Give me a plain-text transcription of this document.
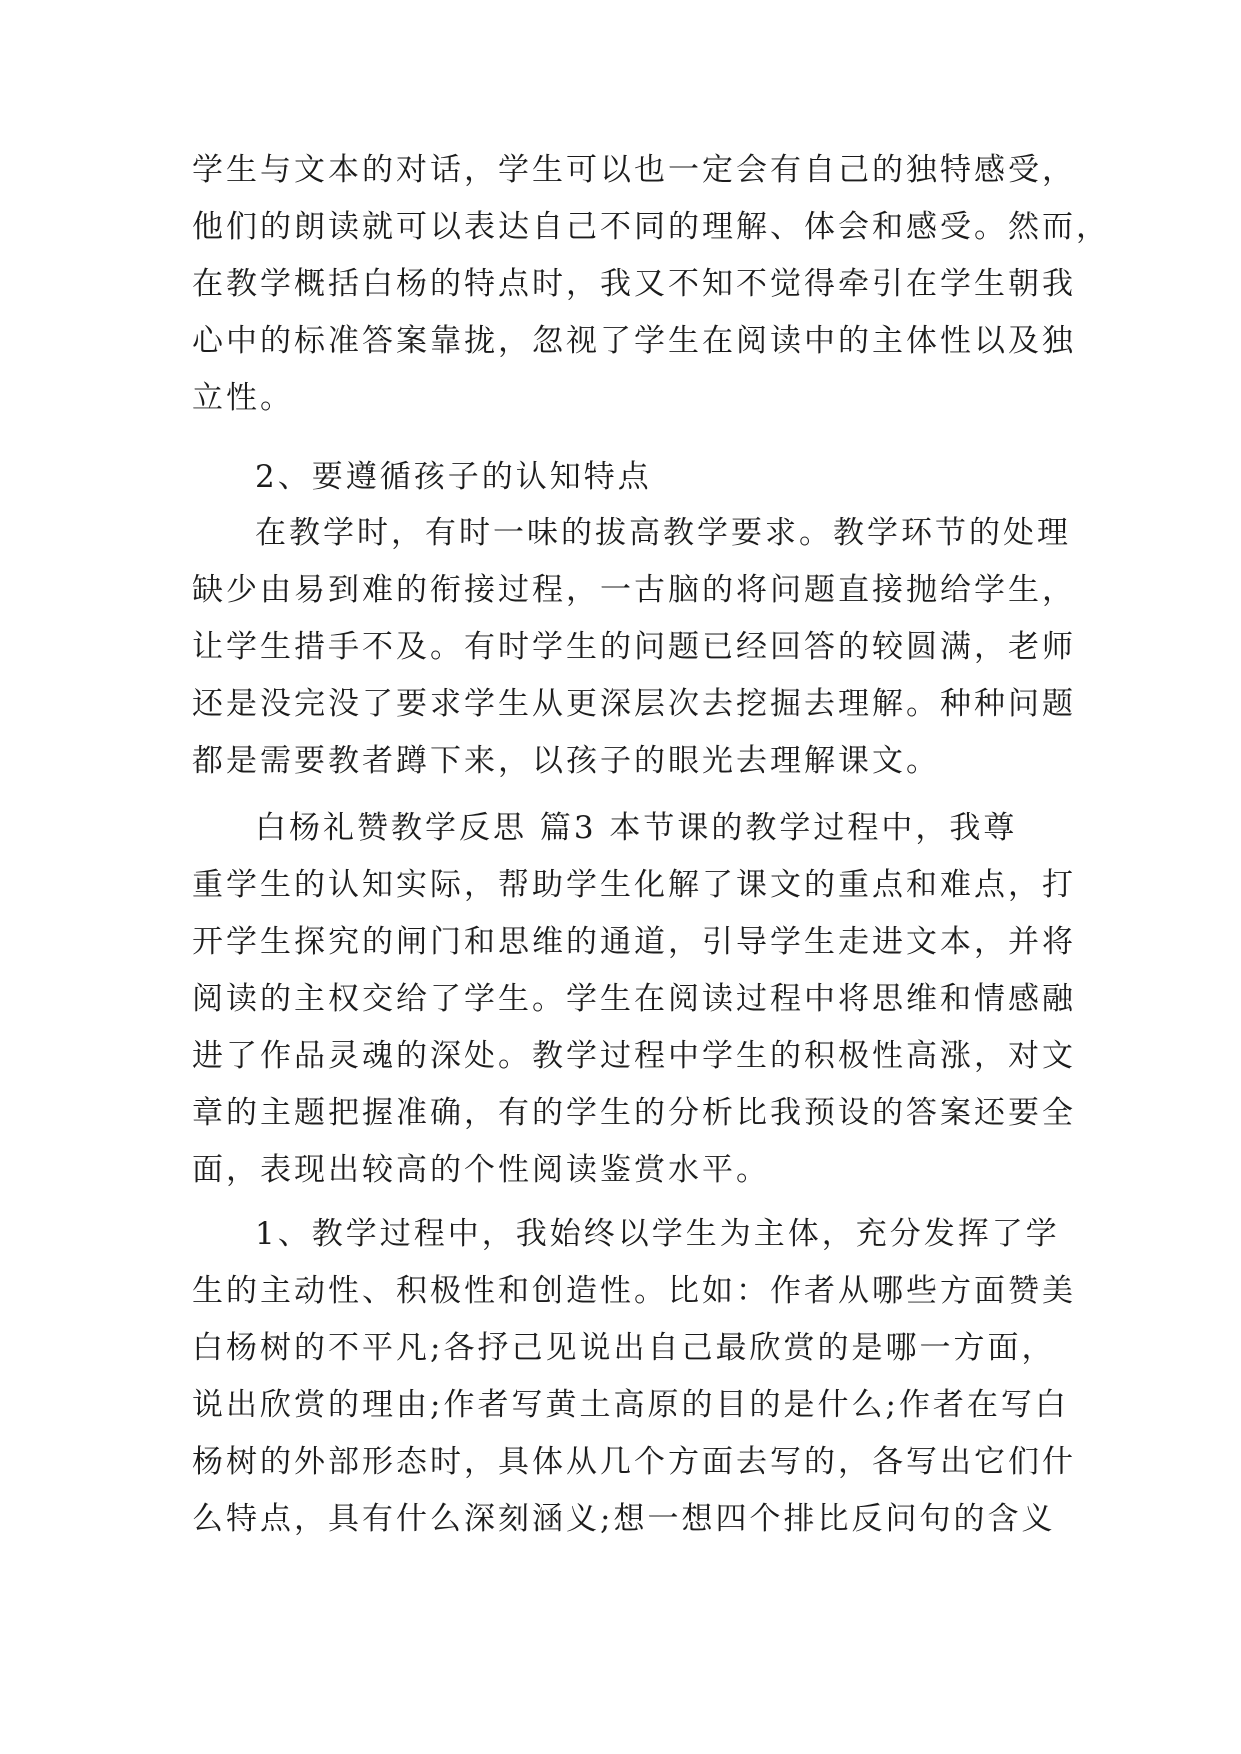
学生与文本的对话，学生可以也一定会有自己的独特感受，
他们的朗读就可以表达自己不同的理解、体会和感受。然而，
在教学概括白杨的特点时，我又不知不觉得牵引在学生朝我
心中的标准答案靠拢，忽视了学生在阅读中的主体性以及独
立性。
2、要遵循孩子的认知特点
在教学时，有时一味的拔高教学要求。教学环节的处理
缺少由易到难的衔接过程，一古脑的将问题直接抛给学生，
让学生措手不及。有时学生的问题已经回答的较圆满，老师
还是没完没了要求学生从更深层次去挖掘去理解。种种问题
都是需要教者蹲下来，以孩子的眼光去理解课文。
白杨礼赞教学反思 篇3 本节课的教学过程中，我尊
重学生的认知实际，帮助学生化解了课文的重点和难点，打
开学生探究的闸门和思维的通道，引导学生走进文本，并将
阅读的主权交给了学生。学生在阅读过程中将思维和情感融
进了作品灵魂的深处。教学过程中学生的积极性高涨，对文
章的主题把握准确，有的学生的分析比我预设的答案还要全
面，表现出较高的个性阅读鉴赏水平。
1、教学过程中，我始终以学生为主体，充分发挥了学
生的主动性、积极性和创造性。比如：作者从哪些方面赞美
白杨树的不平凡;各抒己见说出自己最欣赏的是哪一方面，
说出欣赏的理由;作者写黄土高原的目的是什么;作者在写白
杨树的外部形态时，具体从几个方面去写的，各写出它们什
么特点，具有什么深刻涵义;想一想四个排比反问句的含义
